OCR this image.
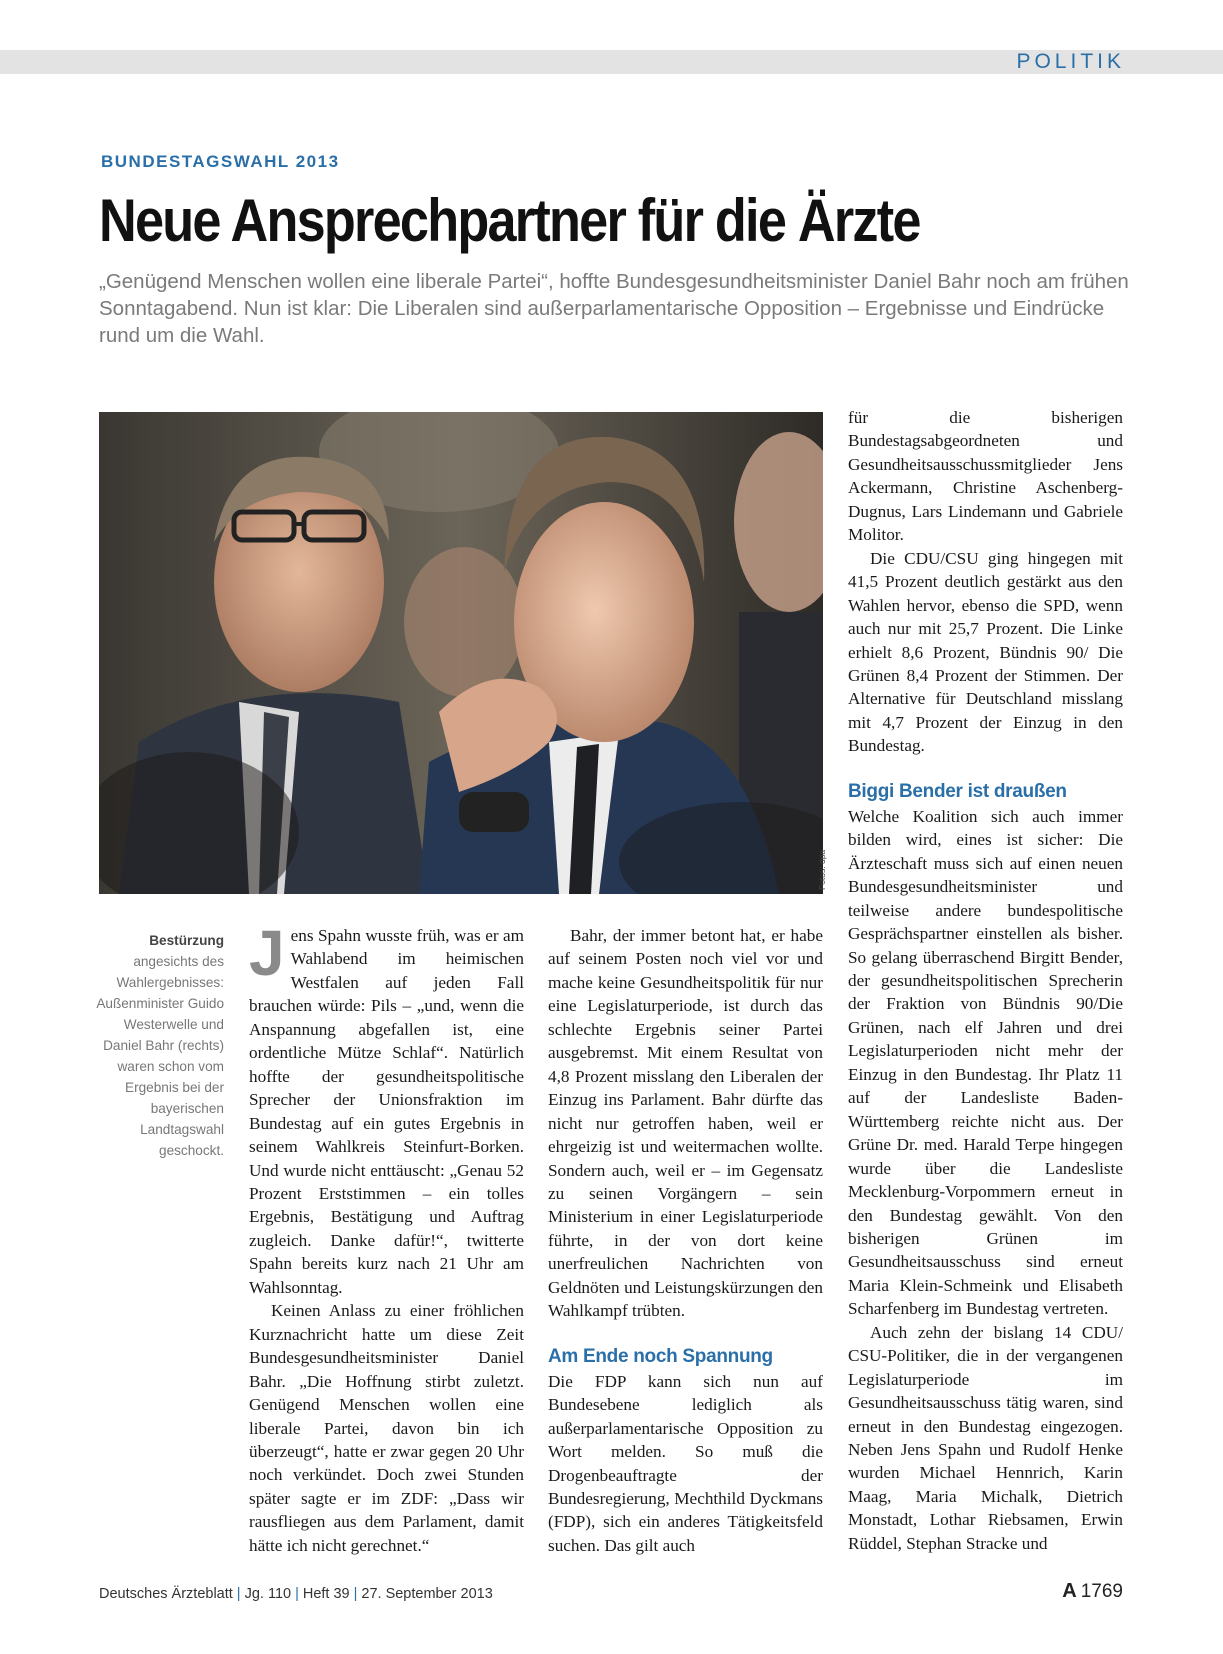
POLITIK
BUNDESTAGSWAHL 2013
Neue Ansprechpartner für die Ärzte

„Genügend Menschen wollen eine liberale Partei“, hoffte Bundesgesundheitsminister Daniel Bahr noch am frühen Sonntagabend. Nun ist klar: Die Liberalen sind außerparlamentarische Opposition – Ergebnisse und Eindrücke rund um die Wahl.

Fotos: dpa

Bestürzung angesichts des Wahlergebnisses: Außenminister Guido Westerwelle und Daniel Bahr (rechts) waren schon vom Ergebnis bei der bayerischen Landtagswahl geschockt.

Jens Spahn wusste früh, was er am Wahlabend im heimischen Westfalen auf jeden Fall brauchen würde: Pils – „und, wenn die Anspannung abgefallen ist, eine ordentliche Mütze Schlaf“. Natürlich hoffte der gesundheitspolitische Sprecher der Unionsfraktion im Bundestag auf ein gutes Ergebnis in seinem Wahlkreis Steinfurt-Borken. Und wurde nicht enttäuscht: „Genau 52 Prozent Erststimmen – ein tolles Ergebnis, Bestätigung und Auftrag zugleich. Danke dafür!“, twitterte Spahn bereits kurz nach 21 Uhr am Wahlsonntag.

Keinen Anlass zu einer fröhlichen Kurznachricht hatte um diese Zeit Bundesgesundheitsminister Daniel Bahr. „Die Hoffnung stirbt zuletzt. Genügend Menschen wollen eine liberale Partei, davon bin ich überzeugt“, hatte er zwar gegen 20 Uhr noch verkündet. Doch zwei Stunden später sagte er im ZDF: „Dass wir rausfliegen aus dem Parlament, damit hätte ich nicht gerechnet.“

Bahr, der immer betont hat, er habe auf seinem Posten noch viel vor und mache keine Gesundheitspolitik für nur eine Legislaturperiode, ist durch das schlechte Ergebnis seiner Partei ausgebremst. Mit einem Resultat von 4,8 Prozent misslang den Liberalen der Einzug ins Parlament. Bahr dürfte das nicht nur getroffen haben, weil er ehrgeizig ist und weitermachen wollte. Sondern auch, weil er – im Gegensatz zu seinen Vorgängern – sein Ministerium in einer Legislaturperiode führte, in der von dort keine unerfreulichen Nachrichten von Geldnöten und Leistungskürzungen den Wahlkampf trübten.

Am Ende noch Spannung

Die FDP kann sich nun auf Bundesebene lediglich als außerparlamentarische Opposition zu Wort melden. So muß die Drogenbeauftragte der Bundesregierung, Mechthild Dyckmans (FDP), sich ein anderes Tätigkeitsfeld suchen. Das gilt auch

für die bisherigen Bundestagsabgeordneten und Gesundheitsausschussmitglieder Jens Ackermann, Christine Aschenberg-Dugnus, Lars Lindemann und Gabriele Molitor.

Die CDU/CSU ging hingegen mit 41,5 Prozent deutlich gestärkt aus den Wahlen hervor, ebenso die SPD, wenn auch nur mit 25,7 Prozent. Die Linke erhielt 8,6 Prozent, Bündnis 90/ Die Grünen 8,4 Prozent der Stimmen. Der Alternative für Deutschland misslang mit 4,7 Prozent der Einzug in den Bundestag.

Biggi Bender ist draußen

Welche Koalition sich auch immer bilden wird, eines ist sicher: Die Ärzteschaft muss sich auf einen neuen Bundesgesundheitsminister und teilweise andere bundespolitische Gesprächspartner einstellen als bisher. So gelang überraschend Birgitt Bender, der gesundheitspolitischen Sprecherin der Fraktion von Bündnis 90/Die Grünen, nach elf Jahren und drei Legislaturperioden nicht mehr der Einzug in den Bundestag. Ihr Platz 11 auf der Landesliste Baden-Württemberg reichte nicht aus. Der Grüne Dr. med. Harald Terpe hingegen wurde über die Landesliste Mecklenburg-Vorpommern erneut in den Bundestag gewählt. Von den bisherigen Grünen im Gesundheitsausschuss sind erneut Maria Klein-Schmeink und Elisabeth Scharfenberg im Bundestag vertreten.

Auch zehn der bislang 14 CDU/ CSU-Politiker, die in der vergangenen Legislaturperiode im Gesundheitsausschuss tätig waren, sind erneut in den Bundestag eingezogen. Neben Jens Spahn und Rudolf Henke wurden Michael Hennrich, Karin Maag, Maria Michalk, Dietrich Monstadt, Lothar Riebsamen, Erwin Rüddel, Stephan Stracke und

Deutsches Ärzteblatt | Jg. 110 | Heft 39 | 27. September 2013	A 1769
